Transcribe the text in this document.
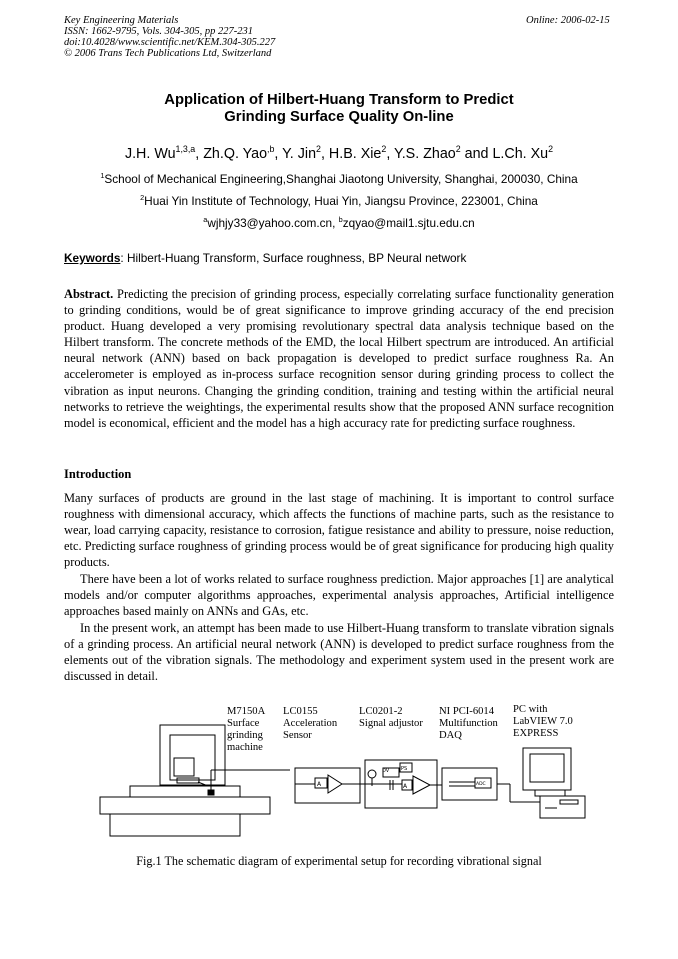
Key Engineering Materials
ISSN: 1662-9795, Vols. 304-305, pp 227-231
doi:10.4028/www.scientific.net/KEM.304-305.227
© 2006 Trans Tech Publications Ltd, Switzerland
Online: 2006-02-15
Application of Hilbert-Huang Transform to Predict
Grinding Surface Quality On-line
J.H. Wu$^{1,3,a}$, Zh.Q. Yao$^{,b}$, Y. Jin$^2$, H.B. Xie$^2$, Y.S. Zhao$^2$ and L.Ch. Xu$^2$
$^1$School of Mechanical Engineering,Shanghai Jiaotong University, Shanghai, 200030, China
$^2$Huai Yin Institute of Technology, Huai Yin, Jiangsu Province, 223001, China
$^a$wjhjy33@yahoo.com.cn, $^b$zqyao@mail1.sjtu.edu.cn
Keywords: Hilbert-Huang Transform, Surface roughness, BP Neural network
Abstract. Predicting the precision of grinding process, especially correlating surface functionality generation to grinding conditions, would be of great significance to improve grinding accuracy of the end precision product. Huang developed a very promising revolutionary spectral data analysis technique based on the Hilbert transform. The concrete methods of the EMD, the local Hilbert spectrum are introduced. An artificial neural network (ANN) based on back propagation is developed to predict surface roughness Ra. An accelerometer is employed as in-process surface recognition sensor during grinding process to collect the vibration as input neurons. Changing the grinding condition, training and testing within the artificial neural networks to retrieve the weightings, the experimental results show that the proposed ANN surface recognition model is economical, efficient and the model has a high accuracy rate for predicting surface roughness.
Introduction
Many surfaces of products are ground in the last stage of machining. It is important to control surface roughness with dimensional accuracy, which affects the functions of machine parts, such as the resistance to wear, load carrying capacity, resistance to corrosion, fatigue resistance and ability to pressure, noise reduction, etc. Predicting surface roughness of grinding process would be of great significance for producing high quality products.
There have been a lot of works related to surface roughness prediction. Major approaches [1] are analytical models and/or computer algorithms approaches, experimental analysis approaches, Artificial intelligence approaches based mainly on ANNs and GAs, etc.
In the present work, an attempt has been made to use Hilbert-Huang transform to translate vibration signals of a grinding process. An artificial neural network (ANN) is developed to predict surface roughness from the elements out of the vibration signals. The methodology and experiment system used in the present work are discussed in detail.
M7150A
Surface
grinding
machine
LC0155
Acceleration
Sensor
LC0201-2
Signal adjustor
NI PCI-6014
Multifunction
DAQ
PC with
LabVIEW 7.0
EXPRESS
A
DV PS
A	ADC
Fig.1 The schematic diagram of experimental setup for recording vibrational signal
